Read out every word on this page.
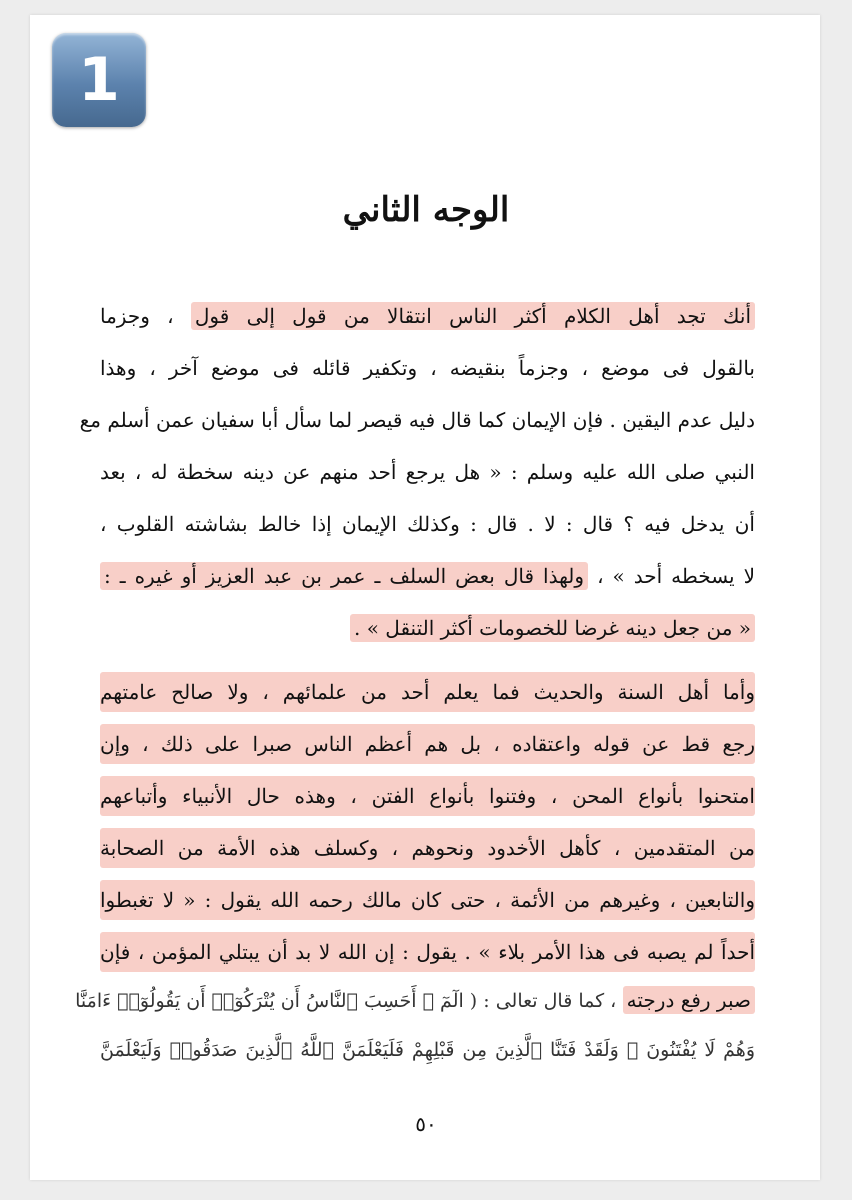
1
الوجه الثاني
أنك تجد أهل الكلام أكثر الناس انتقالا من قول إلى قول ، وجزما
بالقول فى موضع ، وجزماً بنقيضه ، وتكفير قائله فى موضع آخر ، وهذا
دليل عدم اليقين . فإن الإيمان كما قال فيه قيصر لما سأل أبا سفيان عمن أسلم مع
النبي صلى الله عليه وسلم : « هل يرجع أحد منهم عن دينه سخطة له ، بعد
أن يدخل فيه ؟ قال : لا . قال : وكذلك الإيمان إذا خالط بشاشته القلوب ،
لا يسخطه أحد » ، ولهذا قال بعض السلف ـ عمر بن عبد العزيز أو غيره ـ :
« من جعل دينه غرضا للخصومات أكثر التنقل » .
وأما أهل السنة والحديث فما يعلم أحد من علمائهم ، ولا صالح عامتهم
رجع قط عن قوله واعتقاده ، بل هم أعظم الناس صبرا على ذلك ، وإن
امتحنوا بأنواع المحن ، وفتنوا بأنواع الفتن ، وهذه حال الأنبياء وأتباعهم
من المتقدمين ، كأهل الأخدود ونحوهم ، وكسلف هذه الأمة من الصحابة
والتابعين ، وغيرهم من الأئمة ، حتى كان مالك رحمه الله يقول : « لا تغبطوا
أحداً لم يصبه فى هذا الأمر بلاء » . يقول : إن الله لا بد أن يبتلي المؤمن ، فإن
صبر رفع درجته ، كما قال تعالى : ( الٓمٓ ۞ أَحَسِبَ ٱلنَّاسُ أَن يُتْرَكُوٓا۟ أَن يَقُولُوٓا۟ ءَامَنَّا
وَهُمْ لَا يُفْتَنُونَ ۞ وَلَقَدْ فَتَنَّا ٱلَّذِينَ مِن قَبْلِهِمْ فَلَيَعْلَمَنَّ ٱللَّهُ ٱلَّذِينَ صَدَقُوا۟ وَلَيَعْلَمَنَّ
٥٠
